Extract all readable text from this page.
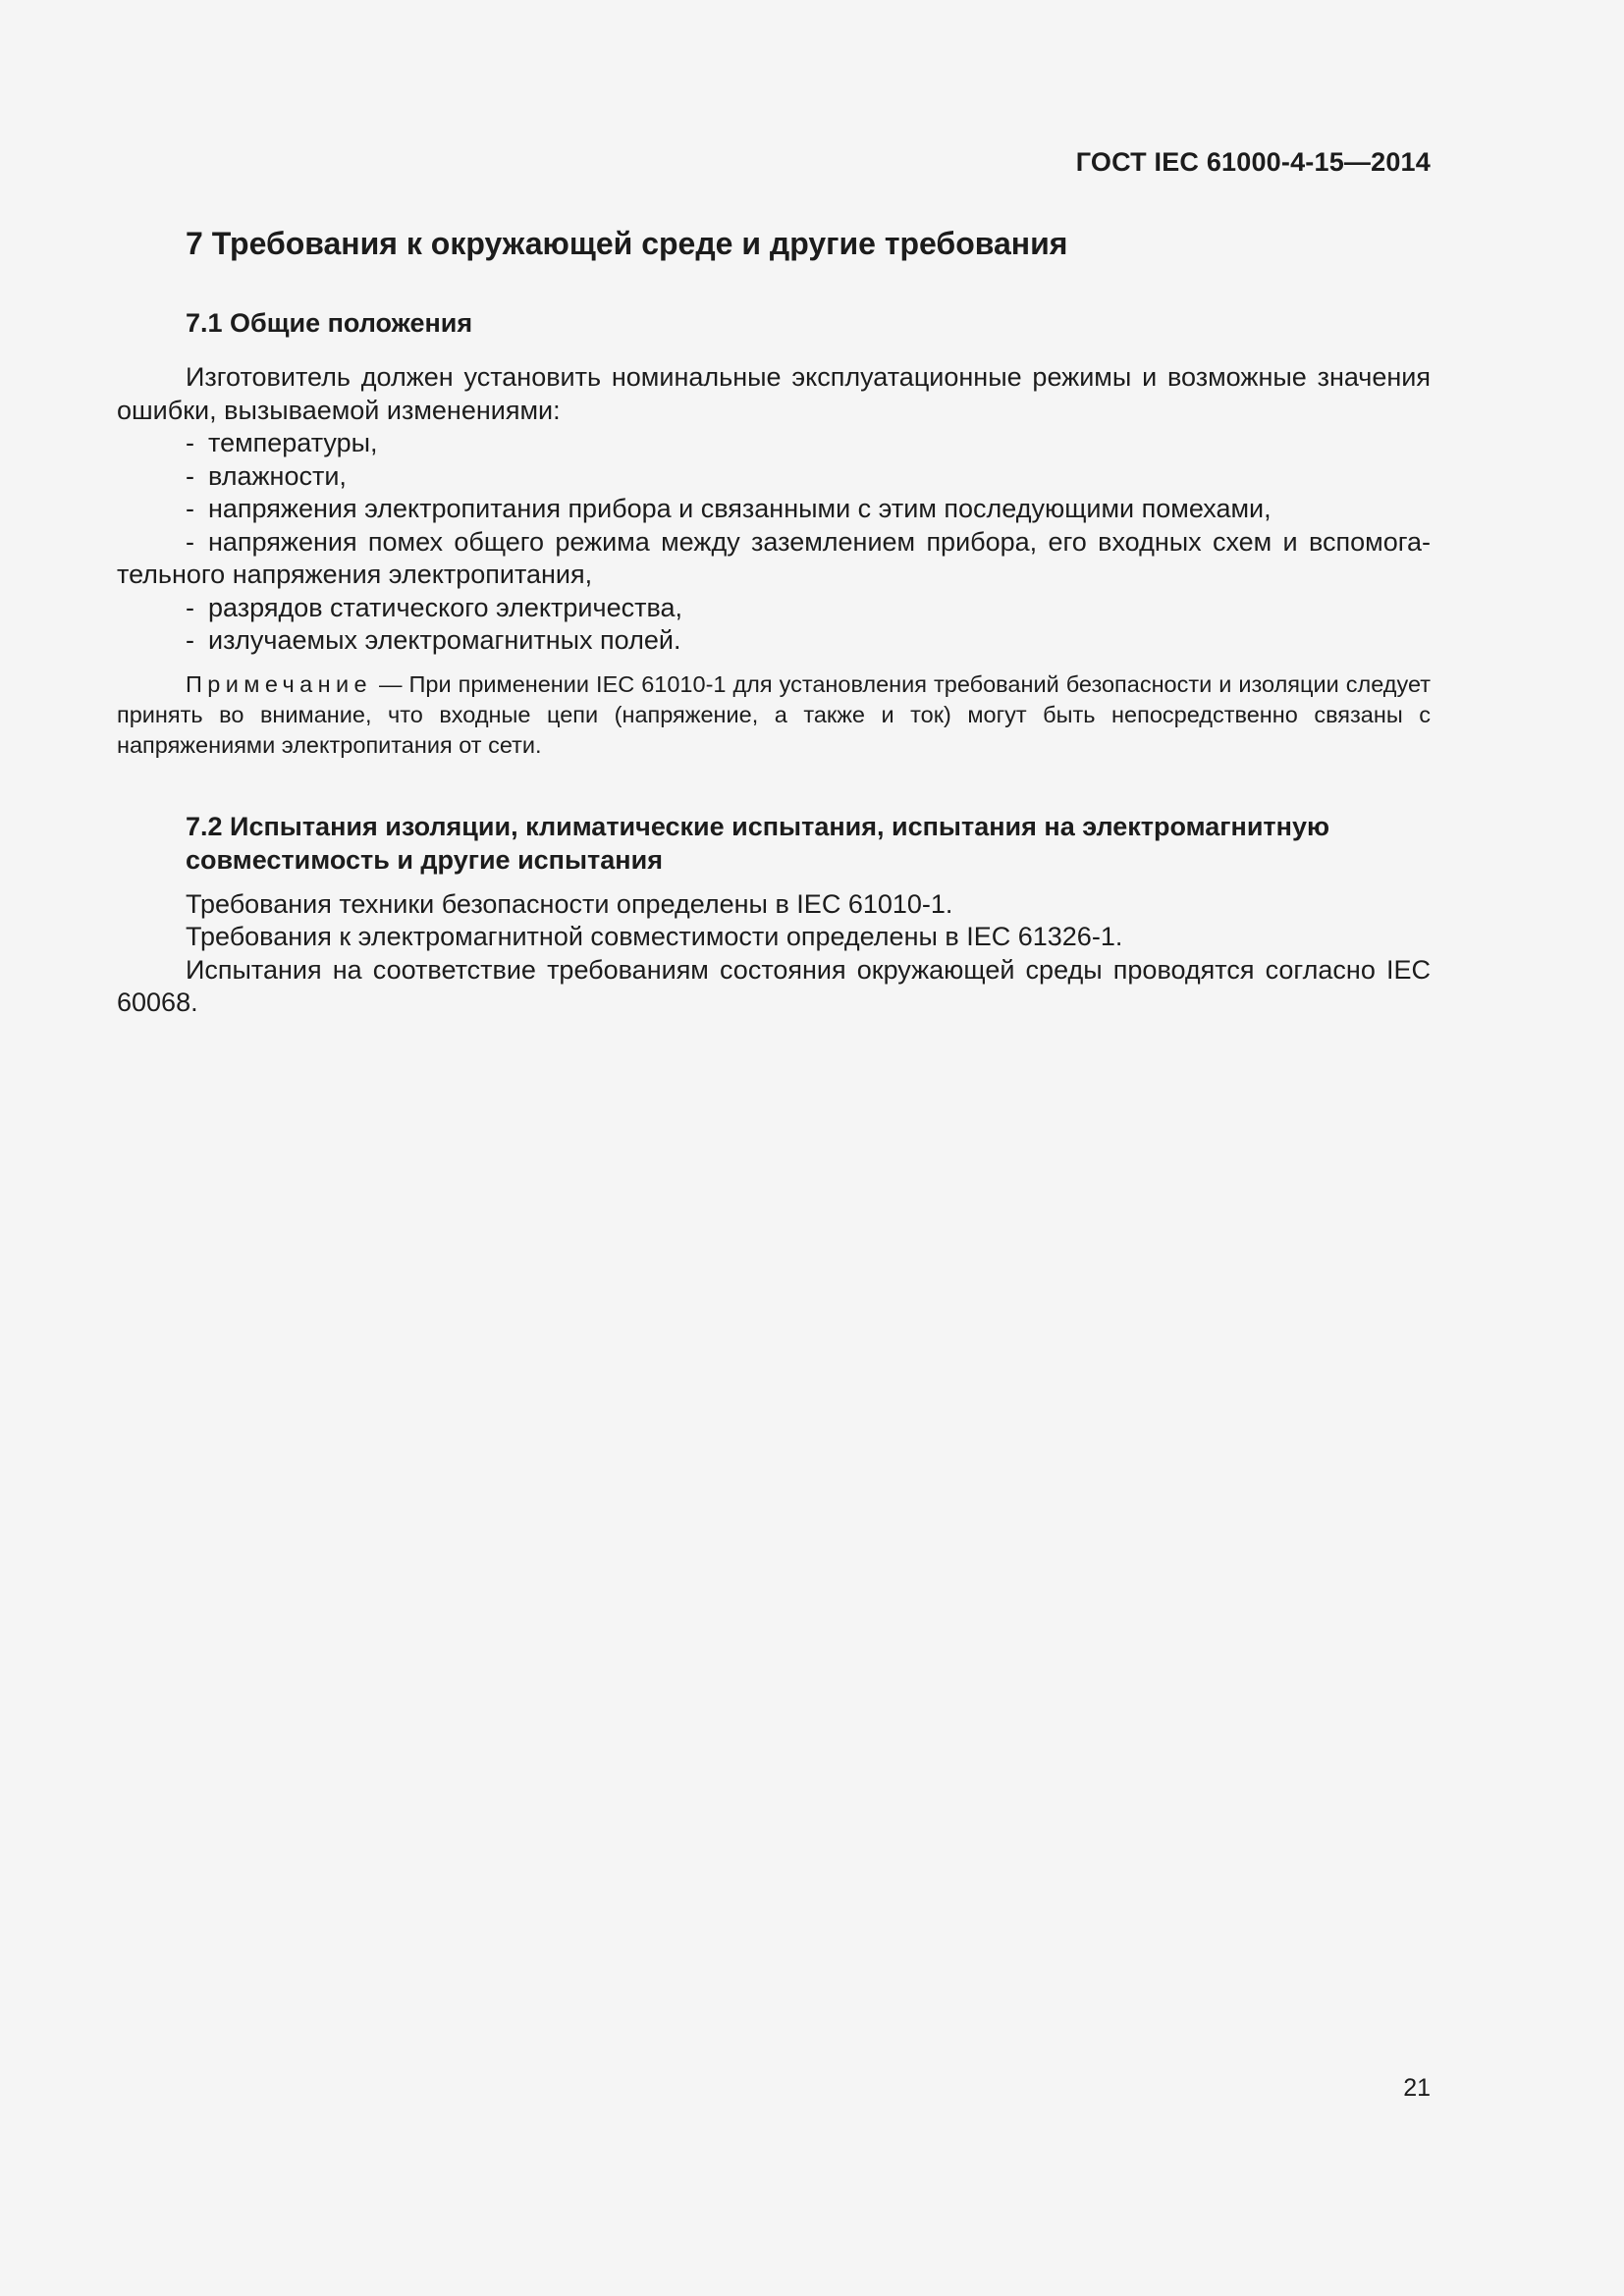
ГОСТ IEC 61000-4-15—2014
7 Требования к окружающей среде и другие требования
7.1 Общие положения

Изготовитель должен установить номинальные эксплуатационные режимы и возможные значения ошибки, вызываемой изменениями:

- температуры,
- влажности,
- напряжения электропитания прибора и связанными с этим последующими помехами,
- напряжения помех общего режима между заземлением прибора, его входных схем и вспомогательного напряжения электропитания,
- разрядов статического электричества,
- излучаемых электромагнитных полей.

Примечание — При применении IEC 61010-1 для установления требований безопасности и изоляции следует принять во внимание, что входные цепи (напряжение, а также и ток) могут быть непосредственно связаны с напряжениями электропитания от сети.

7.2 Испытания изоляции, климатические испытания, испытания на электромагнитную совместимость и другие испытания

Требования техники безопасности определены в IEC 61010-1.

Требования к электромагнитной совместимости определены в IEC 61326-1.

Испытания на соответствие требованиям состояния окружающей среды проводятся согласно IEC 60068.

21
